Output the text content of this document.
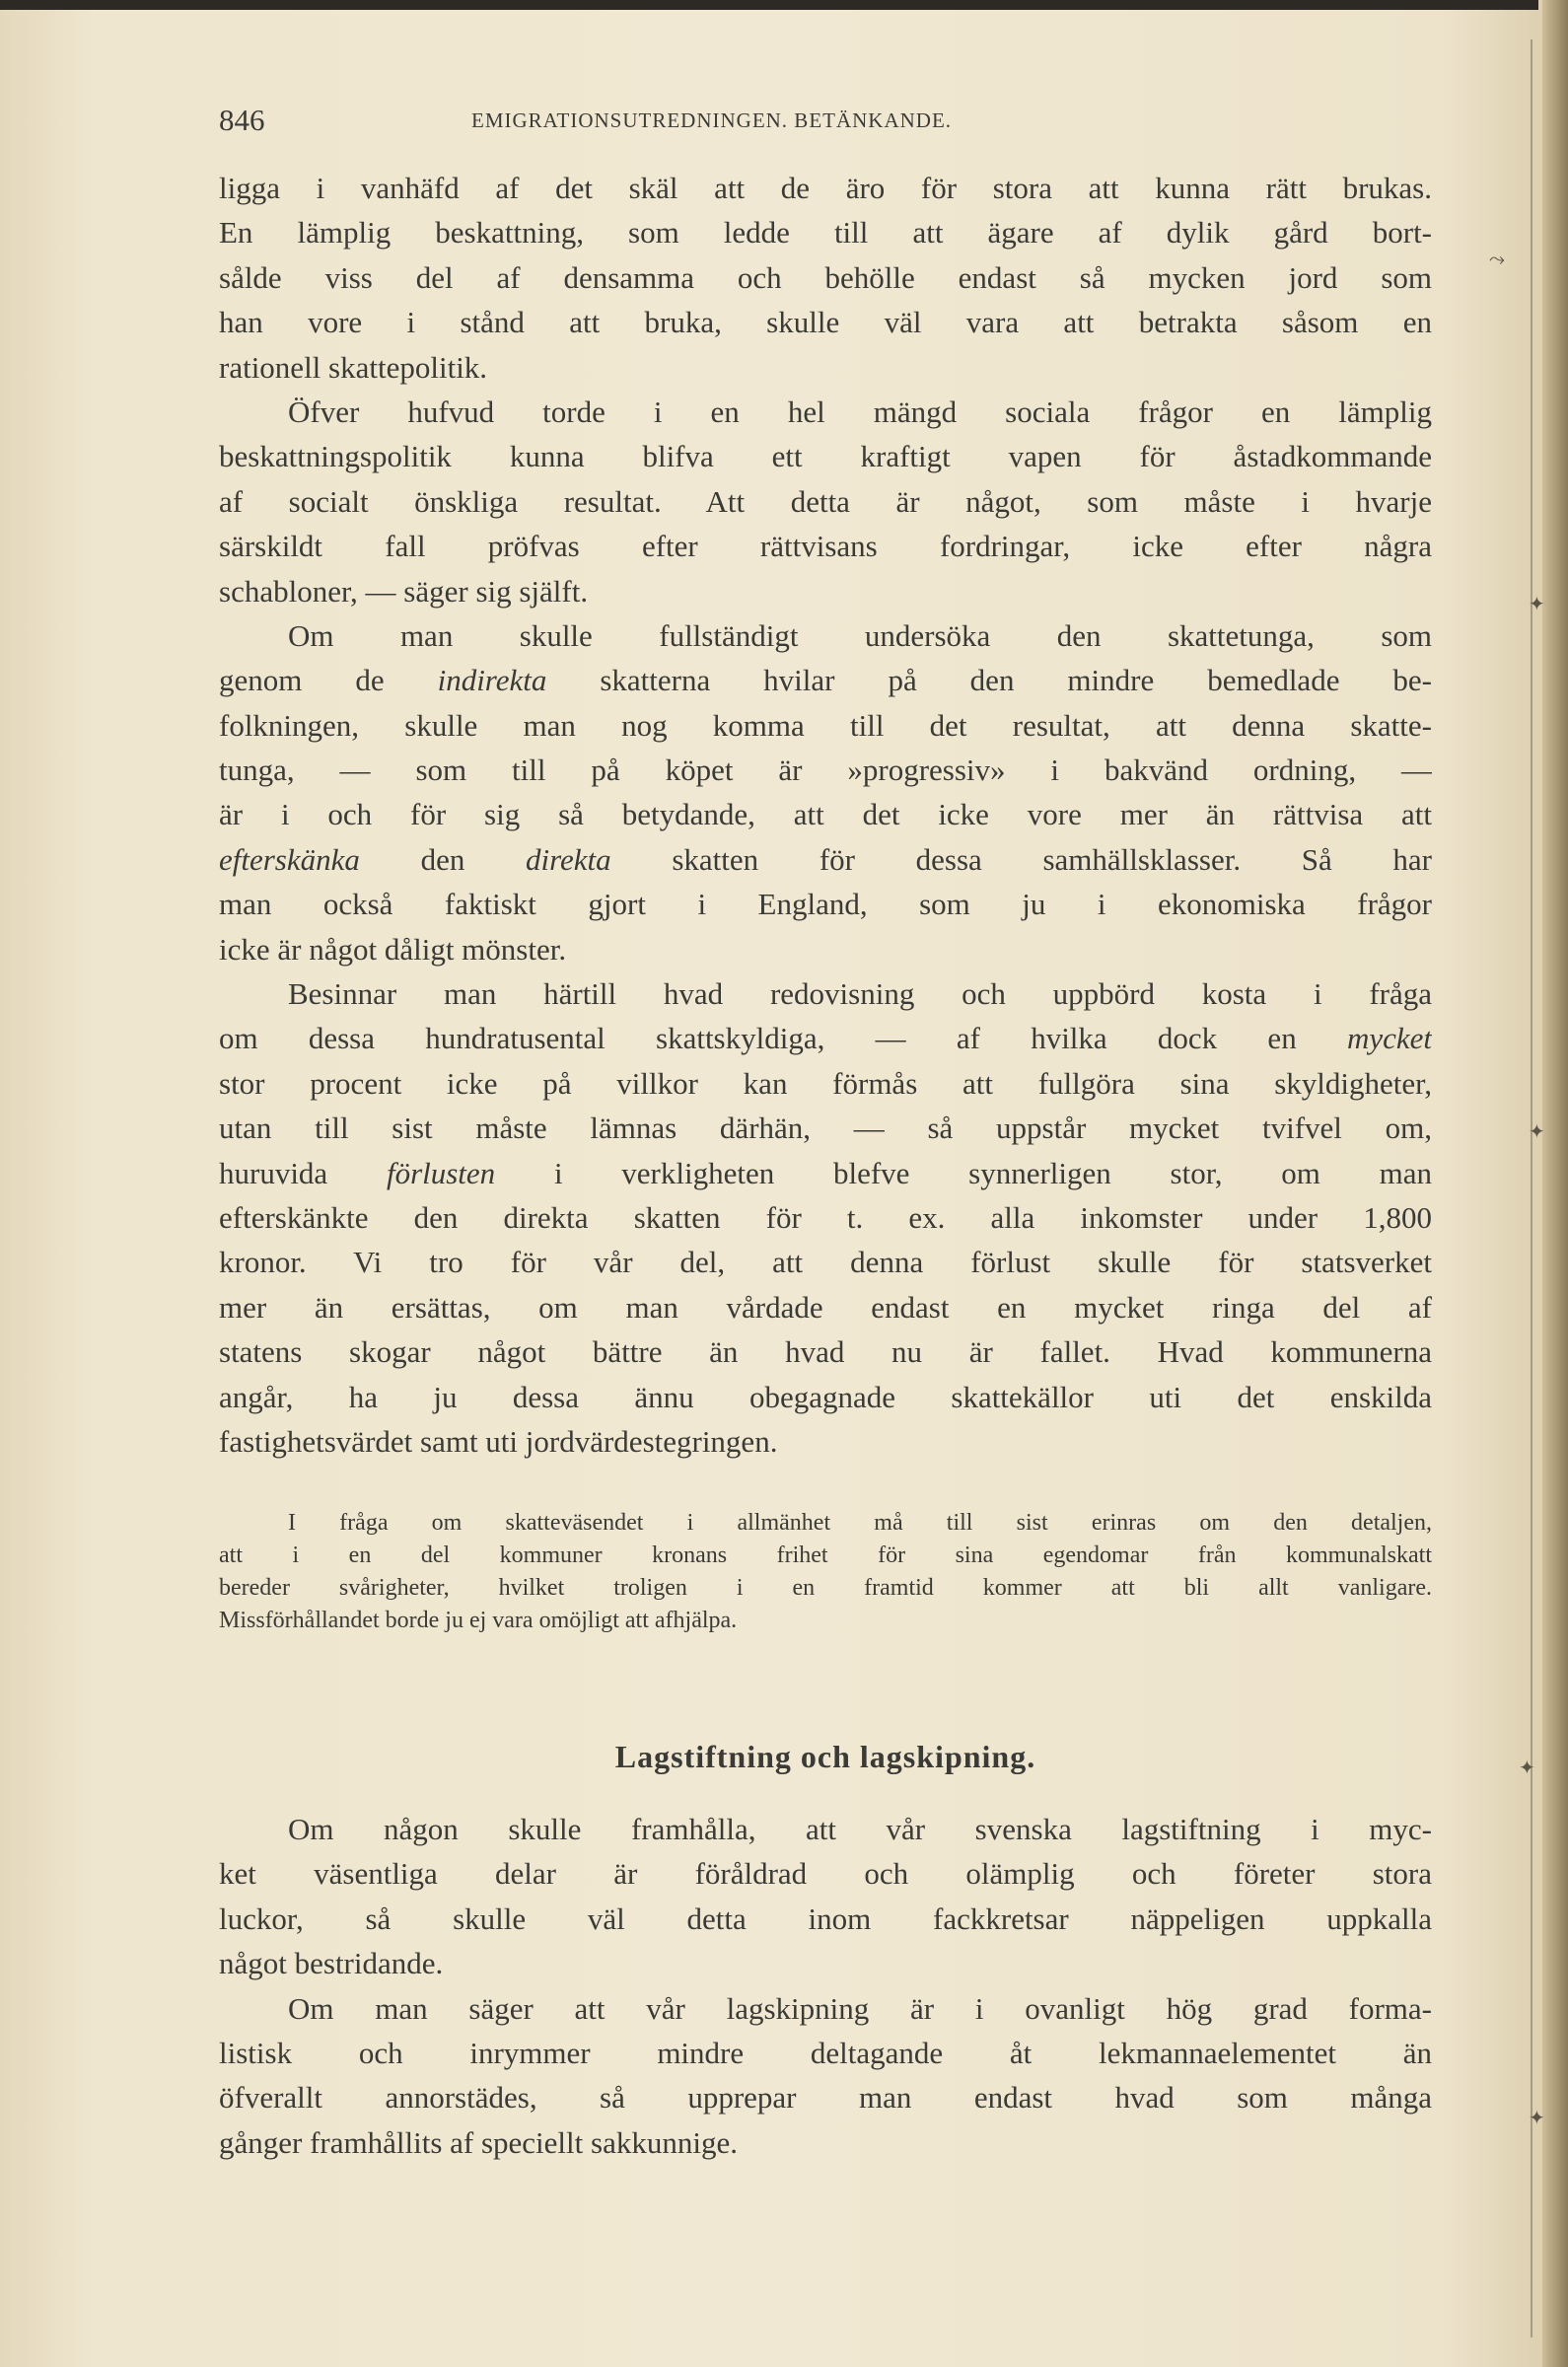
846	EMIGRATIONSUTREDNINGEN. BETÄNKANDE.
ligga i vanhäfd af det skäl att de äro för stora att kunna rätt brukas.
En lämplig beskattning, som ledde till att ägare af dylik gård bort-
sålde viss del af densamma och behölle endast så mycken jord som
han vore i stånd att bruka, skulle väl vara att betrakta såsom en
rationell skattepolitik.
Öfver hufvud torde i en hel mängd sociala frågor en lämplig
beskattningspolitik kunna blifva ett kraftigt vapen för åstadkommande
af socialt önskliga resultat. Att detta är något, som måste i hvarje
särskildt fall pröfvas efter rättvisans fordringar, icke efter några
schabloner, — säger sig själft.
Om man skulle fullständigt undersöka den skattetunga, som
genom de indirekta skatterna hvilar på den mindre bemedlade be-
folkningen, skulle man nog komma till det resultat, att denna skatte-
tunga, — som till på köpet är »progressiv» i bakvänd ordning, —
är i och för sig så betydande, att det icke vore mer än rättvisa att
efterskänka den direkta skatten för dessa samhällsklasser. Så har
man också faktiskt gjort i England, som ju i ekonomiska frågor
icke är något dåligt mönster.
Besinnar man härtill hvad redovisning och uppbörd kosta i fråga
om dessa hundratusental skattskyldiga, — af hvilka dock en mycket
stor procent icke på villkor kan förmås att fullgöra sina skyldigheter,
utan till sist måste lämnas därhän, — så uppstår mycket tvifvel om,
huruvida förlusten i verkligheten blefve synnerligen stor, om man
efterskänkte den direkta skatten för t. ex. alla inkomster under 1,800
kronor. Vi tro för vår del, att denna förlust skulle för statsverket
mer än ersättas, om man vårdade endast en mycket ringa del af
statens skogar något bättre än hvad nu är fallet. Hvad kommunerna
angår, ha ju dessa ännu obegagnade skattekällor uti det enskilda
fastighetsvärdet samt uti jordvärdestegringen.
I fråga om skatteväsendet i allmänhet må till sist erinras om den detaljen,
att i en del kommuner kronans frihet för sina egendomar från kommunalskatt
bereder svårigheter, hvilket troligen i en framtid kommer att bli allt vanligare.
Missförhållandet borde ju ej vara omöjligt att afhjälpa.
Lagstiftning och lagskipning.
Om någon skulle framhålla, att vår svenska lagstiftning i myc-
ket väsentliga delar är föråldrad och olämplig och företer stora
luckor, så skulle väl detta inom fackkretsar näppeligen uppkalla
något bestridande.
Om man säger att vår lagskipning är i ovanligt hög grad forma-
listisk och inrymmer mindre deltagande åt lekmannaelementet än
öfverallt annorstädes, så upprepar man endast hvad som många
gånger framhållits af speciellt sakkunnige.
⤳
✦
✦
✦
✦
